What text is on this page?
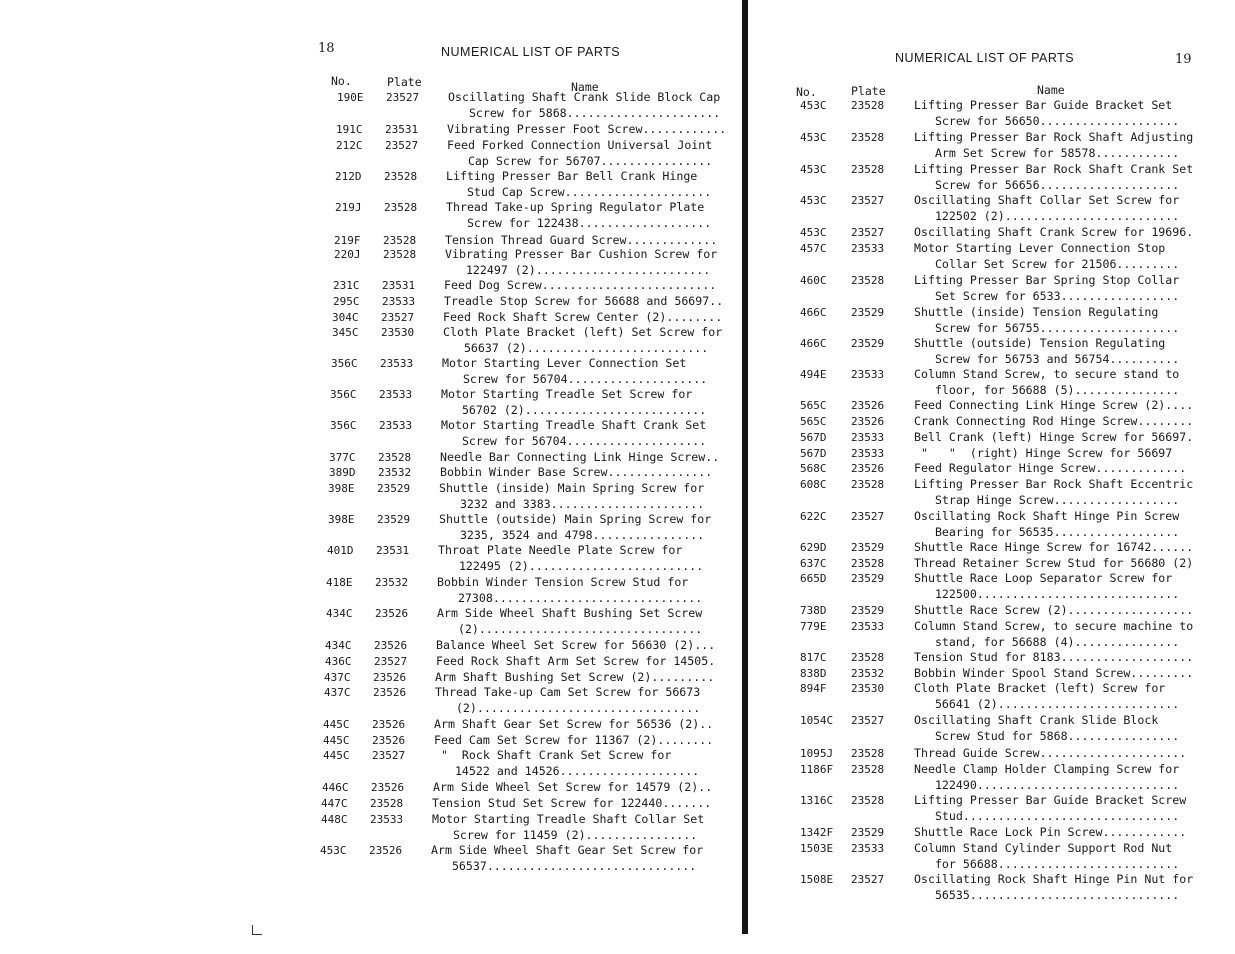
18	NUMERICAL LIST OF PARTS
No.	Plate	Name
190E 23527 Oscillating Shaft Crank Slide Block Cap
Screw for 5868......................
191C 23531 Vibrating Presser Foot Screw............
212C 23527 Feed Forked Connection Universal Joint
Cap Screw for 56707................
212D 23528 Lifting Presser Bar Bell Crank Hinge
Stud Cap Screw.....................
219J 23528 Thread Take-up Spring Regulator Plate
Screw for 122438...................
219F 23528 Tension Thread Guard Screw.............
220J 23528 Vibrating Presser Bar Cushion Screw for
122497 (2).........................
231C 23531 Feed Dog Screw.........................
295C 23533 Treadle Stop Screw for 56688 and 56697..
304C 23527 Feed Rock Shaft Screw Center (2)........
345C 23530 Cloth Plate Bracket (left) Set Screw for
56637 (2)..........................
356C 23533 Motor Starting Lever Connection Set
Screw for 56704....................
356C 23533 Motor Starting Treadle Set Screw for
56702 (2)..........................
356C 23533 Motor Starting Treadle Shaft Crank Set
Screw for 56704....................
377C 23528 Needle Bar Connecting Link Hinge Screw..
389D 23532 Bobbin Winder Base Screw...............
398E 23529 Shuttle (inside) Main Spring Screw for
3232 and 3383......................
398E 23529 Shuttle (outside) Main Spring Screw for
3235, 3524 and 4798................
401D 23531 Throat Plate Needle Plate Screw for
122495 (2).........................
418E 23532 Bobbin Winder Tension Screw Stud for
27308..............................
434C 23526 Arm Side Wheel Shaft Bushing Set Screw
(2)................................
434C 23526 Balance Wheel Set Screw for 56630 (2)...
436C 23527 Feed Rock Shaft Arm Set Screw for 14505.
437C 23526 Arm Shaft Bushing Set Screw (2).........
437C 23526 Thread Take-up Cam Set Screw for 56673
(2)................................
445C 23526 Arm Shaft Gear Set Screw for 56536 (2)..
445C 23526 Feed Cam Set Screw for 11367 (2)........
445C 23527	"  Rock Shaft Crank Set Screw for
14522 and 14526....................
446C 23526 Arm Side Wheel Set Screw for 14579 (2)..
447C 23528 Tension Stud Set Screw for 122440.......
448C 23533 Motor Starting Treadle Shaft Collar Set
Screw for 11459 (2)................
453C 23526 Arm Side Wheel Shaft Gear Set Screw for
56537..............................
19
NUMERICAL LIST OF PARTS
No.	Plate	Name
453C 23528	Lifting Presser Bar Guide Bracket Set
Screw for 56650....................
453C 23528	Lifting Presser Bar Rock Shaft Adjusting
Arm Set Screw for 58578............
453C 23528	Lifting Presser Bar Rock Shaft Crank Set
Screw for 56656....................
453C 23527	Oscillating Shaft Collar Set Screw for
122502 (2).........................
453C 23527	Oscillating Shaft Crank Screw for 19696.
457C 23533	Motor Starting Lever Connection Stop
Collar Set Screw for 21506.........
460C 23528	Lifting Presser Bar Spring Stop Collar
Set Screw for 6533.................
466C 23529	Shuttle (inside) Tension Regulating
Screw for 56755....................
466C 23529	Shuttle (outside) Tension Regulating
Screw for 56753 and 56754..........
494E 23533	Column Stand Screw, to secure stand to
floor, for 56688 (5)...............
565C 23526	Feed Connecting Link Hinge Screw (2)....
565C 23526	Crank Connecting Rod Hinge Screw........
567D 23533	Bell Crank (left) Hinge Screw for 56697.
567D 23533	"   "  (right) Hinge Screw for 56697
568C 23526	Feed Regulator Hinge Screw.............
608C 23528	Lifting Presser Bar Rock Shaft Eccentric
Strap Hinge Screw..................
622C 23527	Oscillating Rock Shaft Hinge Pin Screw
Bearing for 56535..................
629D 23529	Shuttle Race Hinge Screw for 16742......
637C 23528	Thread Retainer Screw Stud for 56680 (2)
665D 23529	Shuttle Race Loop Separator Screw for
122500.............................
738D 23529	Shuttle Race Screw (2)..................
779E 23533	Column Stand Screw, to secure machine to
stand, for 56688 (4)...............
817C 23528	Tension Stud for 8183...................
838D 23532	Bobbin Winder Spool Stand Screw.........
894F 23530	Cloth Plate Bracket (left) Screw for
56641 (2)..........................
1054C 23527	Oscillating Shaft Crank Slide Block
Screw Stud for 5868................
1095J 23528	Thread Guide Screw.....................
1186F 23528	Needle Clamp Holder Clamping Screw for
122490.............................
1316C 23528	Lifting Presser Bar Guide Bracket Screw
Stud...............................
1342F 23529	Shuttle Race Lock Pin Screw............
1503E 23533	Column Stand Cylinder Support Rod Nut
for 56688..........................
1508E 23527	Oscillating Rock Shaft Hinge Pin Nut for
56535..............................
